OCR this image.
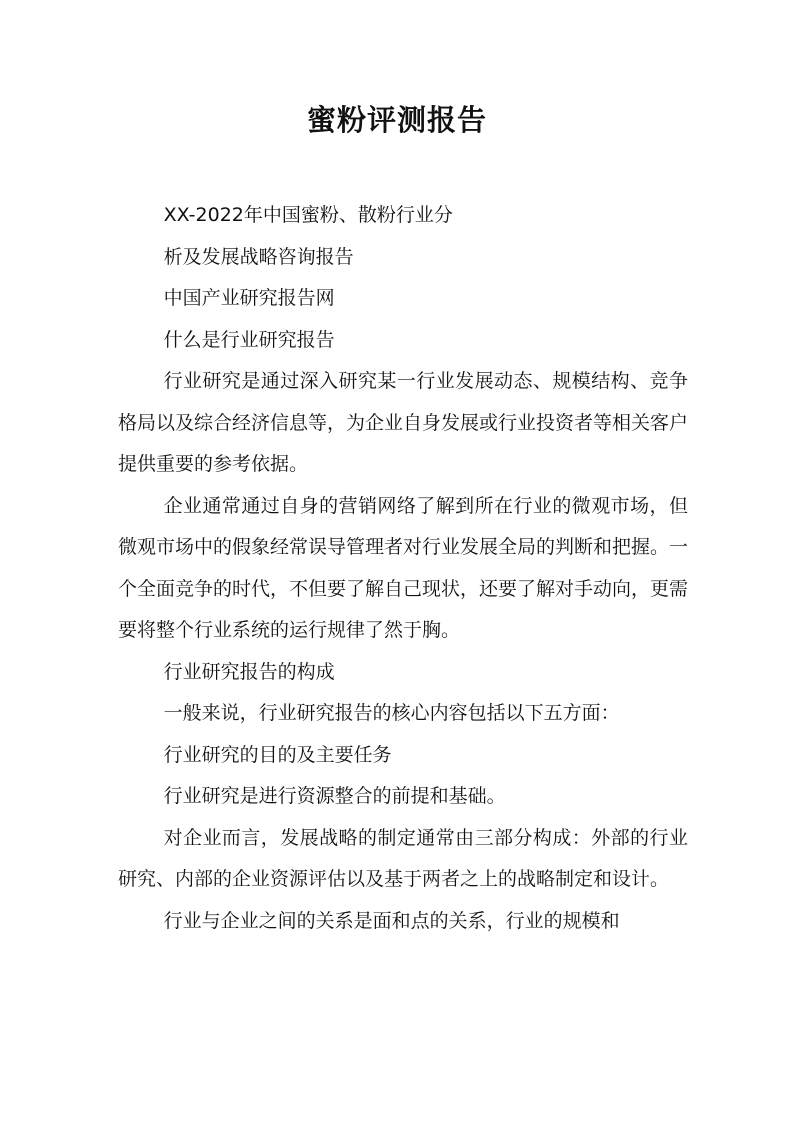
蜜粉评测报告

XX-2022年中国蜜粉、散粉行业分

析及发展战略咨询报告

中国产业研究报告网

什么是行业研究报告

行业研究是通过深入研究某一行业发展动态、规模结构、竞争格局以及综合经济信息等，为企业自身发展或行业投资者等相关客户提供重要的参考依据。

企业通常通过自身的营销网络了解到所在行业的微观市场，但微观市场中的假象经常误导管理者对行业发展全局的判断和把握。一个全面竞争的时代，不但要了解自己现状，还要了解对手动向，更需要将整个行业系统的运行规律了然于胸。

行业研究报告的构成

一般来说，行业研究报告的核心内容包括以下五方面：

行业研究的目的及主要任务

行业研究是进行资源整合的前提和基础。

对企业而言，发展战略的制定通常由三部分构成：外部的行业研究、内部的企业资源评估以及基于两者之上的战略制定和设计。

行业与企业之间的关系是面和点的关系，行业的规模和
